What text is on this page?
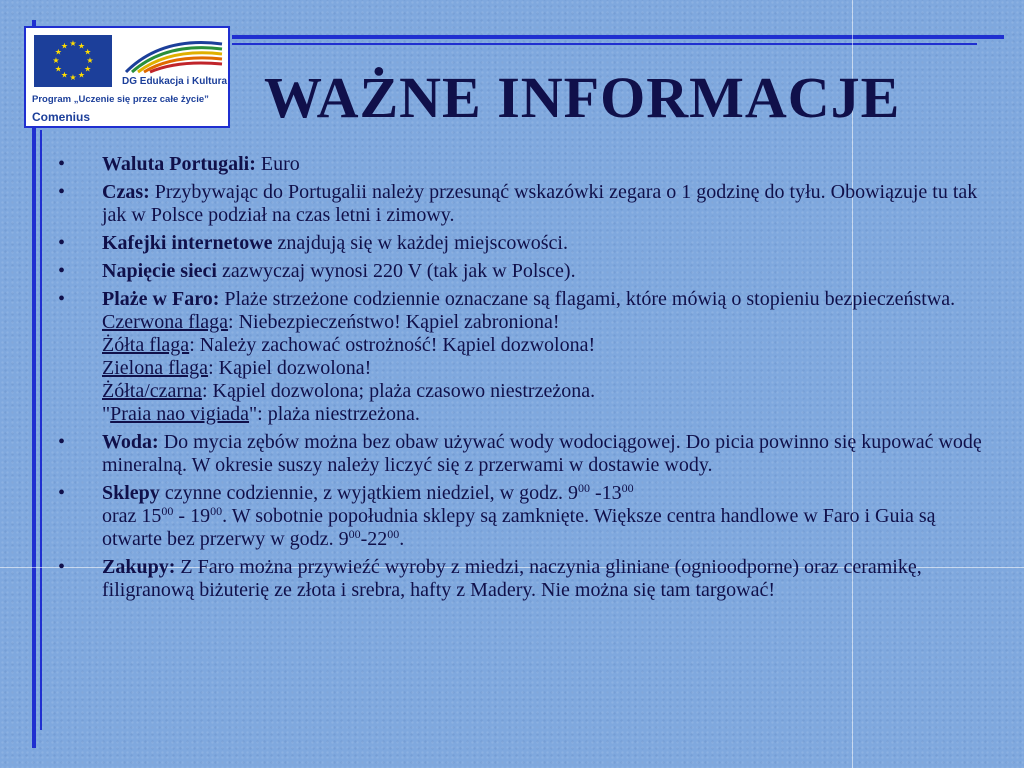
★ ★
★
★
★
★
★
★
★
★
★
★
DG Edukacja i Kultura
Program „Uczenie się przez całe życie”
Comenius	WAŻNE INFORMACJE
• Waluta Portugali: Euro
• Czas: Przybywając do Portugalii należy przesunąć wskazówki zegara o 1 godzinę do tyłu. Obowiązuje tu tak jak w Polsce podział na czas letni i zimowy.
• Kafejki internetowe znajdują się w każdej miejscowości.
• Napięcie sieci zazwyczaj wynosi 220 V (tak jak w Polsce).
• Plaże w Faro: Plaże strzeżone codziennie oznaczane są flagami, które mówią o stopieniu bezpieczeństwa.
Czerwona flaga: Niebezpieczeństwo! Kąpiel zabroniona!
Żółta flaga: Należy zachować ostrożność! Kąpiel dozwolona!
Zielona flaga: Kąpiel dozwolona!
Żółta/czarna: Kąpiel dozwolona; plaża czasowo niestrzeżona.
"Praia nao vigiada": plaża niestrzeżona.
• Woda: Do mycia zębów można bez obaw używać wody wodociągowej. Do picia powinno się kupować wodę mineralną. W okresie suszy należy liczyć się z przerwami w dostawie wody.
• Sklepy czynne codziennie, z wyjątkiem niedziel, w godz. $9^{00}$ $-13^{00}$
oraz $15^{00} - 19^{00}$. W sobotnie popołudnia sklepy są zamknięte. Większe centra handlowe w Faro i Guia są otwarte bez przerwy w godz. $9^{00}-22^{00}$.
• Zakupy: Z Faro można przywieźć wyroby z miedzi, naczynia gliniane (ognioodporne) oraz ceramikę, filigranową biżuterię ze złota i srebra, hafty z Madery. Nie można się tam targować!
